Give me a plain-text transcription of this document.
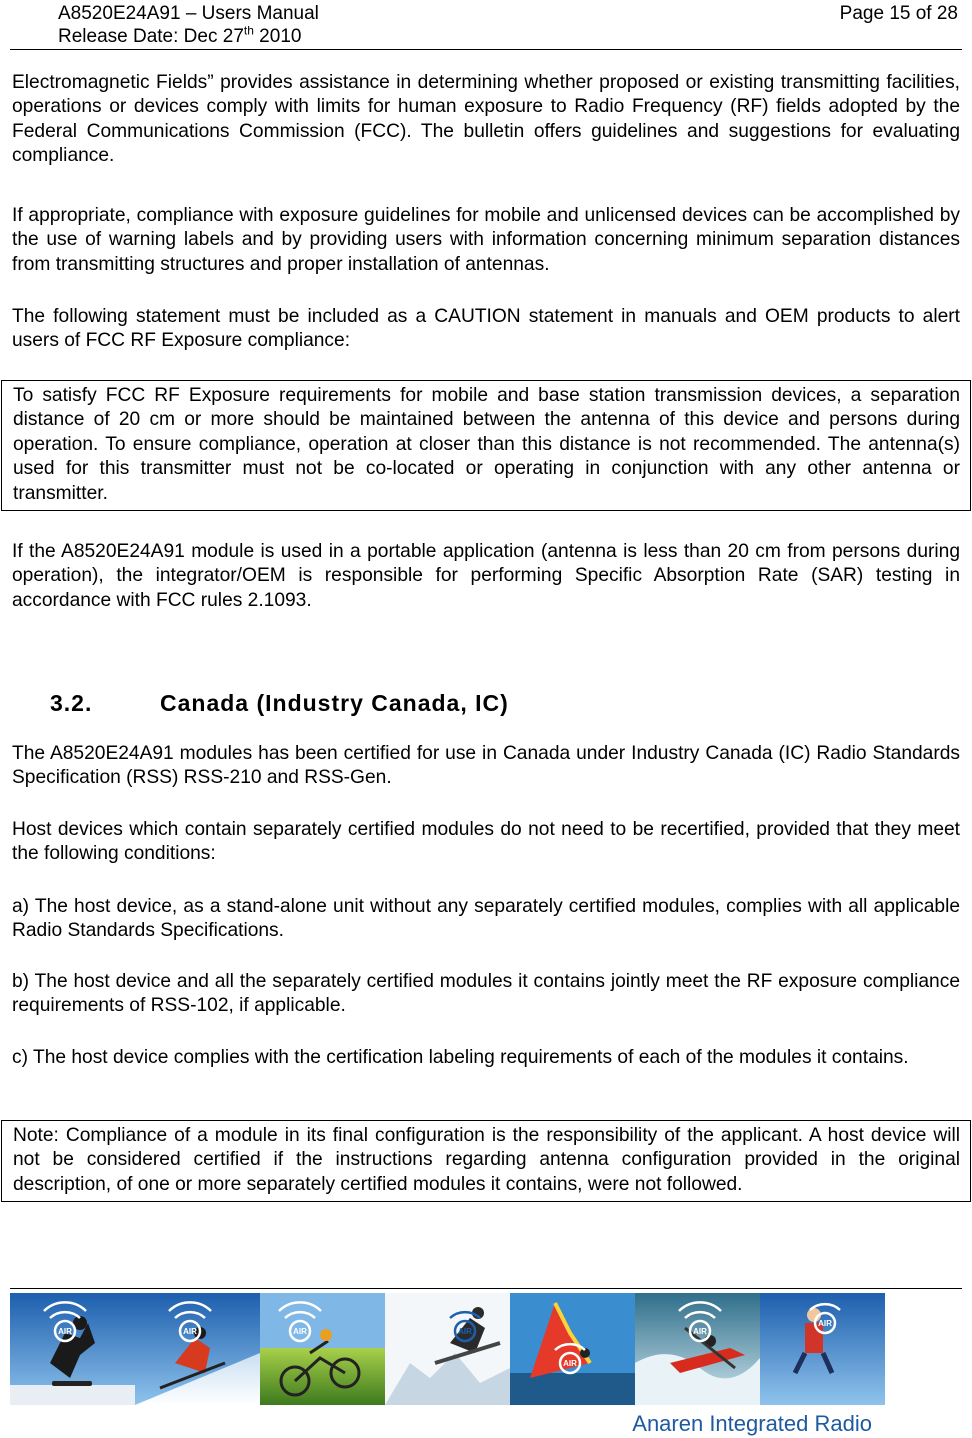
A8520E24A91 – Users Manual
Release Date: Dec 27th 2010
Page 15 of 28
Electromagnetic Fields” provides assistance in determining whether proposed or existing transmitting facilities, operations or devices comply with limits for human exposure to Radio Frequency (RF) fields adopted by the Federal Communications Commission (FCC). The bulletin offers guidelines and suggestions for evaluating compliance.
If appropriate, compliance with exposure guidelines for mobile and unlicensed devices can be accomplished by the use of warning labels and by providing users with information concerning minimum separation distances from transmitting structures and proper installation of antennas.
The following statement must be included as a CAUTION statement in manuals and OEM products to alert users of FCC RF Exposure compliance:
To satisfy FCC RF Exposure requirements for mobile and base station transmission devices, a separation distance of 20 cm or more should be maintained between the antenna of this device and persons during operation. To ensure compliance, operation at closer than this distance is not recommended. The antenna(s) used for this transmitter must not be co-located or operating in conjunction with any other antenna or transmitter.
If the A8520E24A91 module is used in a portable application (antenna is less than 20 cm from persons during operation), the integrator/OEM is responsible for performing Specific Absorption Rate (SAR) testing in accordance with FCC rules 2.1093.
3.2.	Canada (Industry Canada, IC)
The A8520E24A91 modules has been certified for use in Canada under Industry Canada (IC) Radio Standards Specification (RSS) RSS-210 and RSS-Gen.
Host devices which contain separately certified modules do not need to be recertified, provided that they meet the following conditions:
a) The host device, as a stand-alone unit without any separately certified modules, complies with all applicable Radio Standards Specifications.
b) The host device and all the separately certified modules it contains jointly meet the RF exposure compliance requirements of RSS-102, if applicable.
c) The host device complies with the certification labeling requirements of each of the modules it contains.
Note: Compliance of a module in its final configuration is the responsibility of the applicant. A host device will not be considered certified if the instructions regarding antenna configuration provided in the original description, of one or more separately certified modules it contains, were not followed.
AIR	AIR	AIR	AIR
AIR
AIR
AIR
Anaren Integrated Radio
